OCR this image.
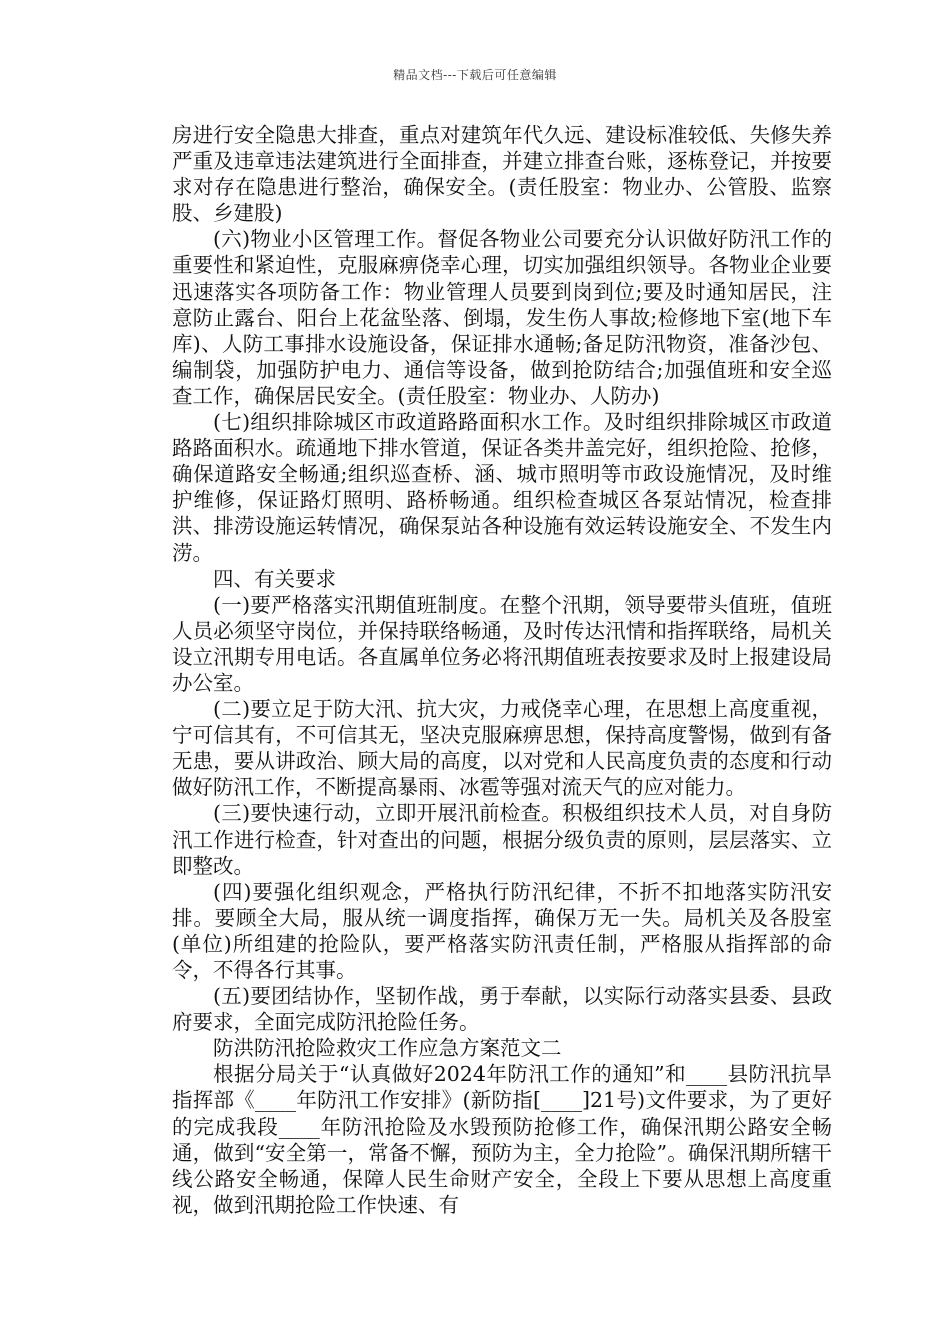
精品文档---下载后可任意编辑

房进行安全隐患大排查，重点对建筑年代久远、建设标准较低、失修失养严重及违章违法建筑进行全面排查，并建立排查台账，逐栋登记，并按要求对存在隐患进行整治，确保安全。(责任股室：物业办、公管股、监察股、乡建股)

(六)物业小区管理工作。督促各物业公司要充分认识做好防汛工作的重要性和紧迫性，克服麻痹侥幸心理，切实加强组织领导。各物业企业要迅速落实各项防备工作：物业管理人员要到岗到位;要及时通知居民，注意防止露台、阳台上花盆坠落、倒塌，发生伤人事故;检修地下室(地下车库)、人防工事排水设施设备，保证排水通畅;备足防汛物资，准备沙包、编制袋，加强防护电力、通信等设备，做到抢防结合;加强值班和安全巡查工作，确保居民安全。(责任股室：物业办、人防办)

(七)组织排除城区市政道路路面积水工作。及时组织排除城区市政道路路面积水。疏通地下排水管道，保证各类井盖完好，组织抢险、抢修，确保道路安全畅通;组织巡查桥、涵、城市照明等市政设施情况，及时维护维修，保证路灯照明、路桥畅通。组织检查城区各泵站情况，检查排洪、排涝设施运转情况，确保泵站各种设施有效运转设施安全、不发生内涝。

四、有关要求

(一)要严格落实汛期值班制度。在整个汛期，领导要带头值班，值班人员必须坚守岗位，并保持联络畅通，及时传达汛情和指挥联络，局机关设立汛期专用电话。各直属单位务必将汛期值班表按要求及时上报建设局办公室。

(二)要立足于防大汛、抗大灾，力戒侥幸心理，在思想上高度重视，宁可信其有，不可信其无，坚决克服麻痹思想，保持高度警惕，做到有备无患，要从讲政治、顾大局的高度，以对党和人民高度负责的态度和行动做好防汛工作，不断提高暴雨、冰雹等强对流天气的应对能力。

(三)要快速行动，立即开展汛前检查。积极组织技术人员，对自身防汛工作进行检查，针对查出的问题，根据分级负责的原则，层层落实、立即整改。

(四)要强化组织观念，严格执行防汛纪律，不折不扣地落实防汛安排。要顾全大局，服从统一调度指挥，确保万无一失。局机关及各股室(单位)所组建的抢险队，要严格落实防汛责任制，严格服从指挥部的命令，不得各行其事。

(五)要团结协作，坚韧作战，勇于奉献，以实际行动落实县委、县政府要求，全面完成防汛抢险任务。

防洪防汛抢险救灾工作应急方案范文二

根据分局关于“认真做好2024年防汛工作的通知”和____县防汛抗旱指挥部《____年防汛工作安排》(新防指[____]21号)文件要求，为了更好的完成我段____年防汛抢险及水毁预防抢修工作，确保汛期公路安全畅通，做到“安全第一，常备不懈，预防为主，全力抢险”。确保汛期所辖干线公路安全畅通，保障人民生命财产安全，全段上下要从思想上高度重视，做到汛期抢险工作快速、有
